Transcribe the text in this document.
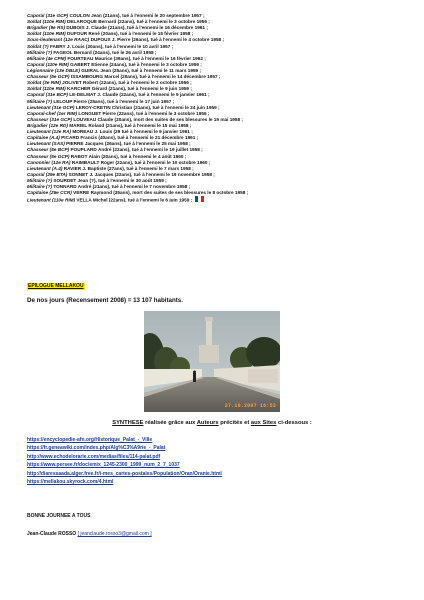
Caporal (31e GCP) COULON Jean (21ans), tué à l'ennemi le 20 septembre 1957 ;
Soldat (110e RIM) DELAROQUE Bernard (22ans), tué à l'ennemi le 3 octobre 1956 ;
Brigadier (9e RS) DUBOIS J. Claude (21ans), tué à l'ennemi le 16 décembre 1961 ;
Soldat (110e RIM) DUFOUR René (20ans), tué à l'ennemi le 15 février 1958 ;
Sous-lieutenant (12e RAAC) DUPOUX J. Pierre (26ans), tué à l'ennemi le 4 octobre 1958 ;
Soldat (?) FABRY J. Louis (20ans), tué à l'ennemi le 10 avril 1957 ;
Militaire (?) FAGEOL Bernard (24ans), tué le 26 avril 1958 ;
Militaire (4e CPM) FOURTEAU Maurice (39ans), tué à l'ennemi le 16 février 1962 ;
Caporal (110e RIM) GABERT Etienne (24ans), tué à l'ennemi le 3 octobre 1956 ;
Légionnaire (13e DBLE) GUIRAL Jean (25ans), tué à l'ennemi le 11 mars 1959 ;
Chasseur (5e GCP) ISSAMBOURG Marcel (20ans), tué à l'ennemi le 14 décembre 1957 ;
Soldat (3e RIM) JOLIVET Robert (22ans), tué à l'ennemi le 2 octobre 1956 ;
Soldat (110e RIM) KARCHER Gérard (21ans), tué à l'ennemi le 9 juin 1959 ;
Caporal (31e BCP) LE-DELMAT J. Claude (22ans), tué à l'ennemi le 9 janvier 1961 ;
Militaire (?) LELOUP Pierre (25ans), tué à l'ennemi le 17 juin 1957 ;
Lieutenant (31e GCP) LEROY-CRETIN Christian (21ans), tué à l'ennemi le 24 juin 1959 ;
Caporal-chef (1er RIM) LONGUET Pierre (22ans), tué à l'ennemi le 3 octobre 1956 ;
Chasseur (31e GCP) LOUVEAU Claude (20ans), mort des suites de ses blessures le 19 mai 1958 ;
Brigadier (12e RD) MARIEL Roland (21ans), tué à l'ennemi le 15 mai 1958 ;
Lieutenant (12e RA) MOREAU J. Louis (29 tué à l'ennemi le 9 janvier 1961 ;
Capitaine (A.4) PICARD Francis (40ans), tué à l'ennemi le 21 décembre 1961 ;
Lieutenant (SAS) PIERRE Jacques (26ans), tué à l'ennemi le 25 mai 1958 ;
Chasseur (5e BCP) POUPLARD André (22ans), tué à l'ennemi le 19 juillet 1958 ;
Chasseur (5e GCP) RABOT Alain (20ans), tué à l'ennemi le 4 août 1960 ;
Canonnier (12e RA) RAIMBAULT Roger (22ans), tué à l'ennemi le 10 octobre 1960 ;
Lieutenant (A.4) RAVIER J. Baptiste (27ans), tué à l'ennemi le 7 mars 1958 ;
Caporal (29e BTA) SONNET J. Jacques (22ans), tué à l'ennemi le 19 novembre 1958 ;
Militaire (?) SOURDET Jean (?), tué à l'ennemi le 30 août 1959 ;
Militaire (?) TONNARD André (21ans), tué à l'ennemi le 7 novembre 1958 ;
Capitaine (25e CCR) VERRE Raymond (35ans), mort des suites de ses blessures le 8 octobre 1958 ;
Lieutenant (110e RIM) VELLA Michel (22ans), tué à l'ennemi le 6 juin 1959 ;
EPILOGUE MELLAKOU
De nos jours (Recensement 2008) = 13 107 habitants.
27.10.2007 16:53
SYNTHESE réalisée grâce aux Auteurs précités et aux Sites ci-dessous :
https://encyclopedie-afn.org/Historique_Palat_-_Ville
https://fr.geneawiki.com/index.php/Alg%C3%A9rie_-_Palat
http://www.echodelorarie.com/medias/files/114-palat.pdf
https://www.persee.fr/doc/emix_1245-2300_1999_num_2_7_1037
http://diaressaada.alger.free.fr/i-mes_cartes-postales/Population/Oran/Oranie.html
https://mellakou.skyrock.com/4.html
BONNE JOURNEE A TOUS
Jean-Claude ROSSO [ jeanclaude.rosso3@gmail.com ]
